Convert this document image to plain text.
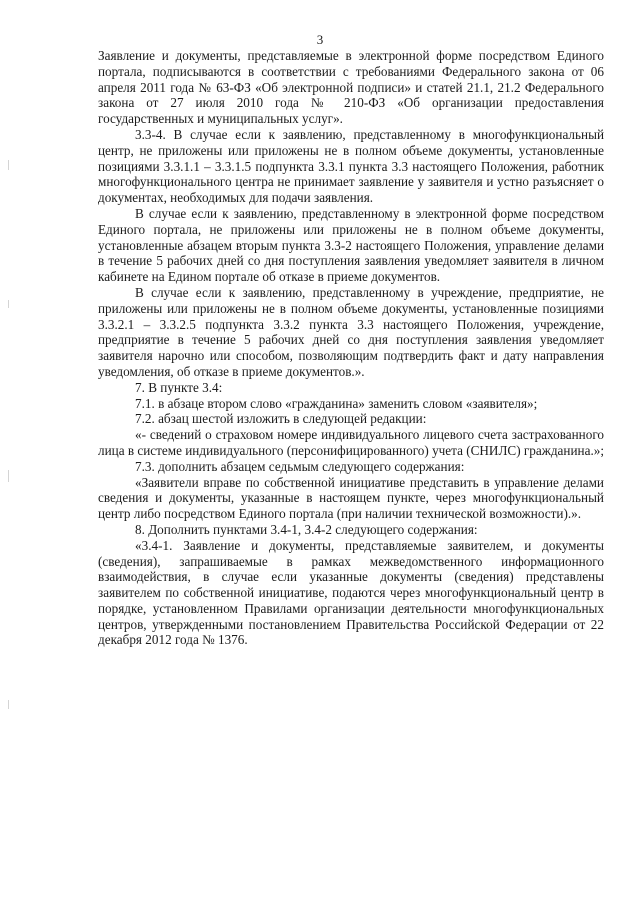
3

Заявление и документы, представляемые в электронной форме посредством Единого портала, подписываются в соответствии с требованиями Федерального закона от 06 апреля 2011 года № 63-ФЗ «Об электронной подписи» и статей 21.1, 21.2 Федерального закона от 27 июля 2010 года № 210-ФЗ «Об организации предоставления государственных и муниципальных услуг».

3.3-4. В случае если к заявлению, представленному в многофункциональный центр, не приложены или приложены не в полном объеме документы, установленные позициями 3.3.1.1 – 3.3.1.5 подпункта 3.3.1 пункта 3.3 настоящего Положения, работник многофункционального центра не принимает заявление у заявителя и устно разъясняет о документах, необходимых для подачи заявления.

В случае если к заявлению, представленному в электронной форме посредством Единого портала, не приложены или приложены не в полном объеме документы, установленные абзацем вторым пункта 3.3-2 настоящего Положения, управление делами в течение 5 рабочих дней со дня поступления заявления уведомляет заявителя в личном кабинете на Едином портале об отказе в приеме документов.

В случае если к заявлению, представленному в учреждение, предприятие, не приложены или приложены не в полном объеме документы, установленные позициями 3.3.2.1 – 3.3.2.5 подпункта 3.3.2 пункта 3.3 настоящего Положения, учреждение, предприятие в течение 5 рабочих дней со дня поступления заявления уведомляет заявителя нарочно или способом, позволяющим подтвердить факт и дату направления уведомления, об отказе в приеме документов.».

7. В пункте 3.4:

7.1. в абзаце втором слово «гражданина» заменить словом «заявителя»;

7.2. абзац шестой изложить в следующей редакции:

«- сведений о страховом номере индивидуального лицевого счета застрахованного лица в системе индивидуального (персонифицированного) учета (СНИЛС) гражданина.»;

7.3. дополнить абзацем седьмым следующего содержания:

«Заявители вправе по собственной инициативе представить в управление делами сведения и документы, указанные в настоящем пункте, через многофункциональный центр либо посредством Единого портала (при наличии технической возможности).».

8. Дополнить пунктами 3.4-1, 3.4-2 следующего содержания:

«3.4-1. Заявление и документы, представляемые заявителем, и документы (сведения), запрашиваемые в рамках межведомственного информационного взаимодействия, в случае если указанные документы (сведения) представлены заявителем по собственной инициативе, подаются через многофункциональный центр в порядке, установленном Правилами организации деятельности многофункциональных центров, утвержденными постановлением Правительства Российской Федерации от 22 декабря 2012 года № 1376.
